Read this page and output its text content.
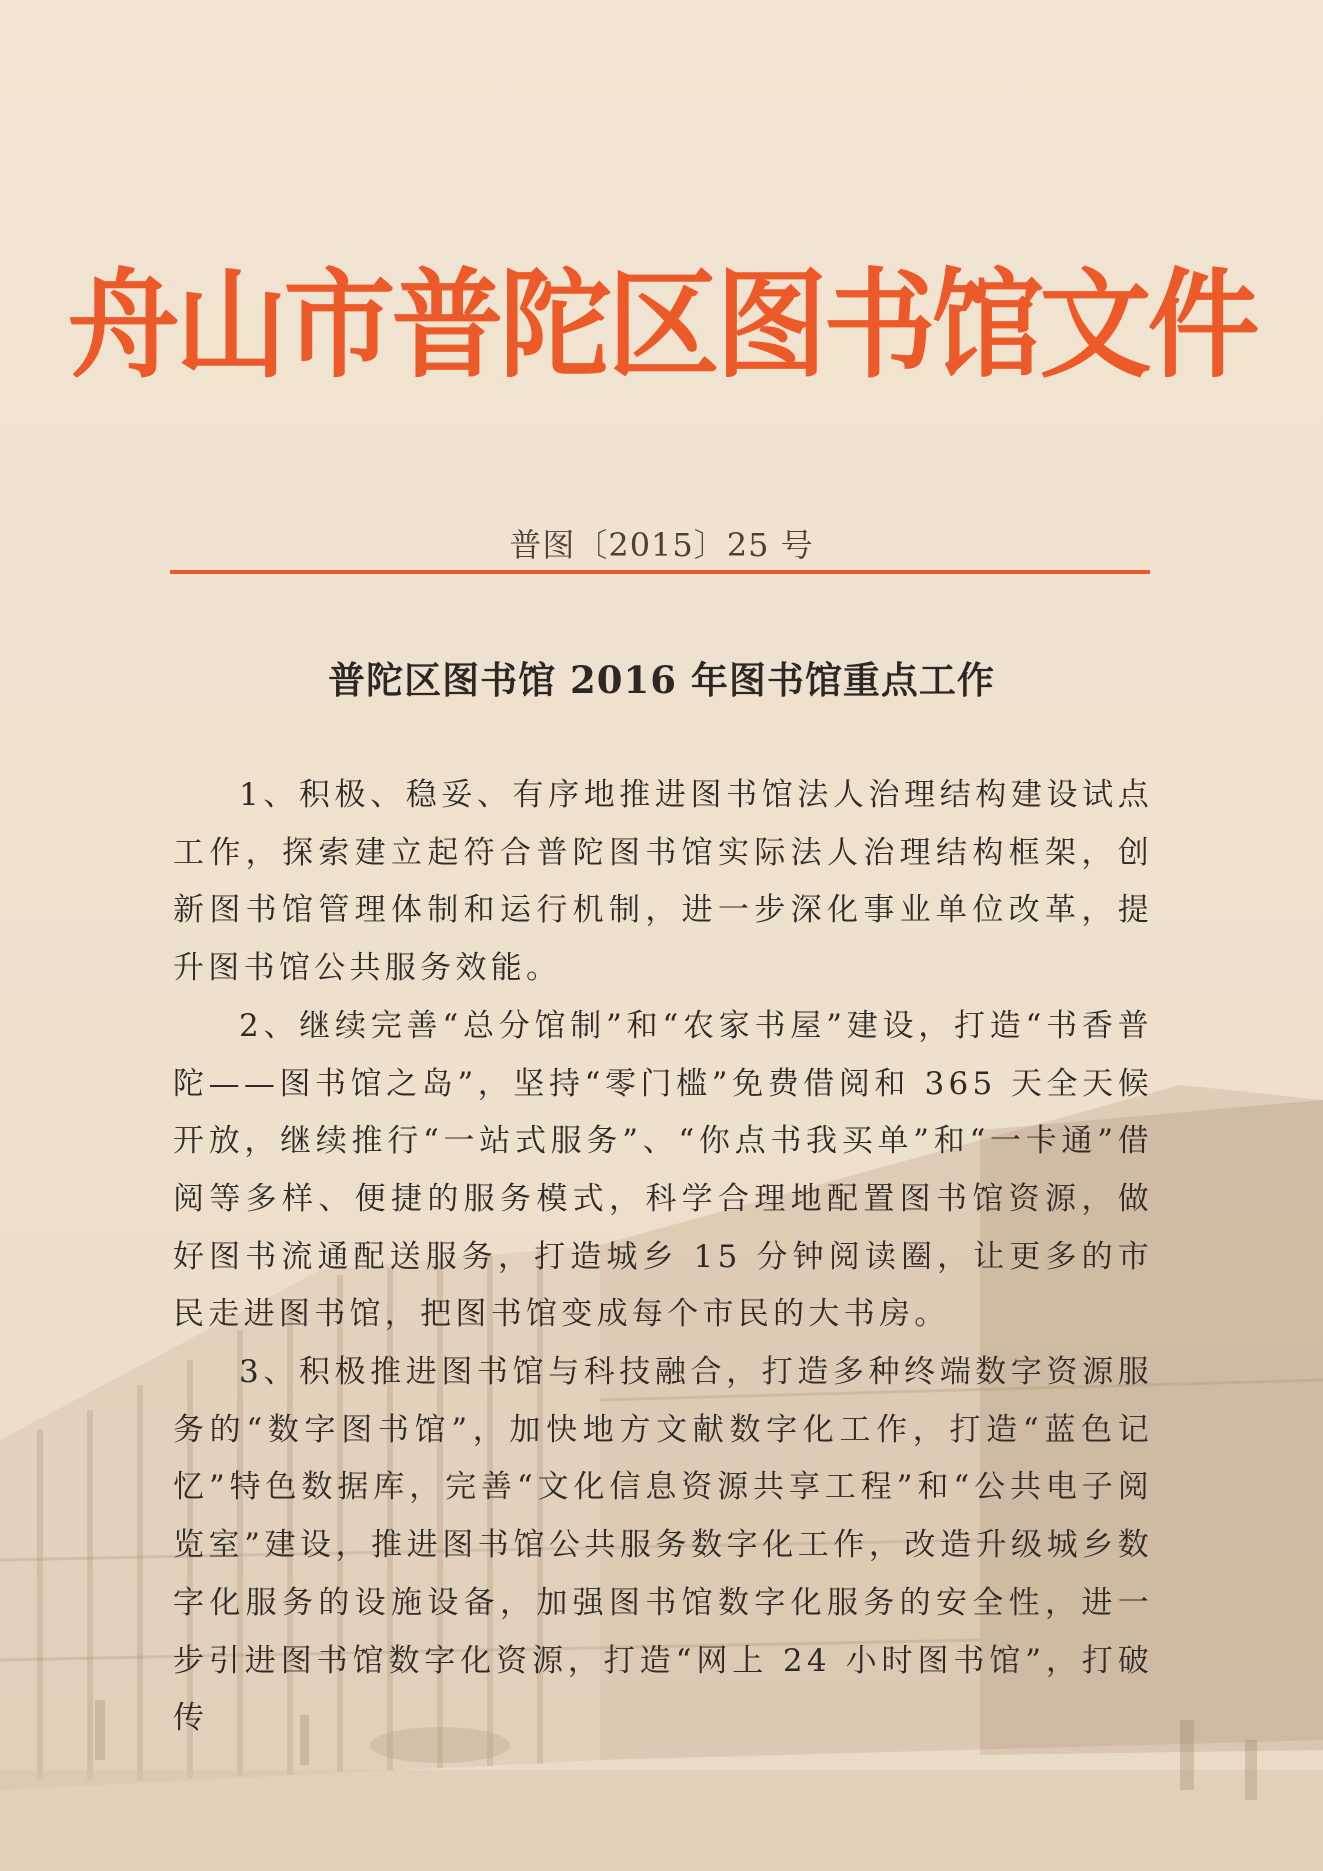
舟山市普陀区图书馆文件
普图〔2015〕25 号
普陀区图书馆 2016 年图书馆重点工作

1、积极、稳妥、有序地推进图书馆法人治理结构建设试点工作，探索建立起符合普陀图书馆实际法人治理结构框架，创新图书馆管理体制和运行机制，进一步深化事业单位改革，提升图书馆公共服务效能。

2、继续完善“总分馆制”和“农家书屋”建设，打造“书香普陀——图书馆之岛”，坚持“零门槛”免费借阅和 365 天全天候开放，继续推行“一站式服务”、“你点书我买单”和“一卡通”借阅等多样、便捷的服务模式，科学合理地配置图书馆资源，做好图书流通配送服务，打造城乡 15 分钟阅读圈，让更多的市民走进图书馆，把图书馆变成每个市民的大书房。

3、积极推进图书馆与科技融合，打造多种终端数字资源服务的“数字图书馆”，加快地方文献数字化工作，打造“蓝色记忆”特色数据库，完善“文化信息资源共享工程”和“公共电子阅览室”建设，推进图书馆公共服务数字化工作，改造升级城乡数字化服务的设施设备，加强图书馆数字化服务的安全性，进一步引进图书馆数字化资源，打造“网上 24 小时图书馆”，打破传
